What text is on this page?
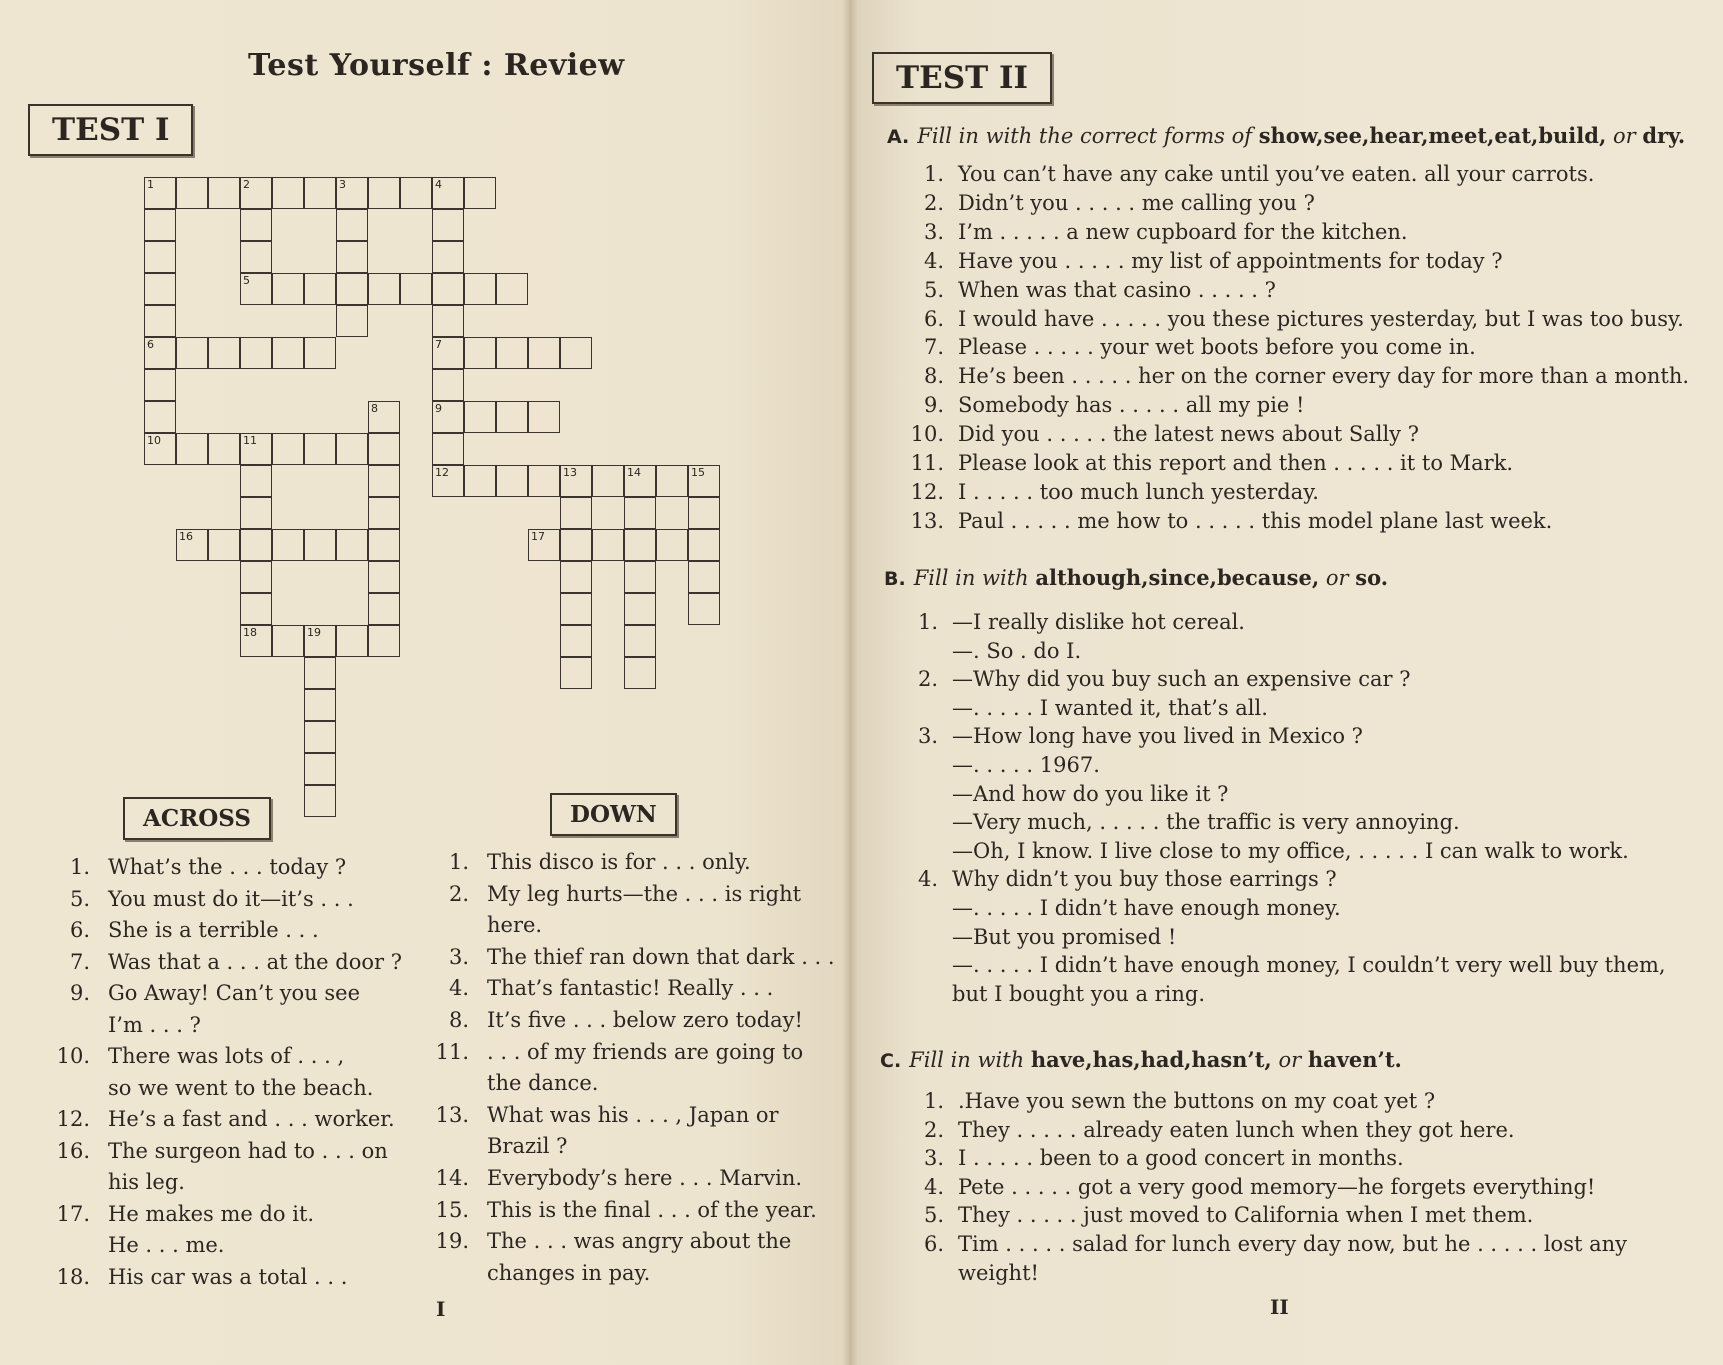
Test Yourself : Review
TEST I
1	2	3	4
6
10
5
7
9
12
8
11
18
13	14	15
16	17
19
ACROSS	DOWN
1. What’s the . . . today ?
5. You must do it—it’s . . .
6. She is a terrible . . .
7. Was that a . . . at the door ?
9. Go Away! Can’t you see
I’m . . . ?
10. There was lots of . . . ,
so we went to the beach.
12. He’s a fast and . . . worker.
16. The surgeon had to . . . on
his leg.
17. He makes me do it.
He . . . me.
18. His car was a total . . .
1. This disco is for . . . only.
2. My leg hurts—the . . . is right
here.
3. The thief ran down that dark . . .
4. That’s fantastic! Really . . .
8. It’s five . . . below zero today!
11. . . . of my friends are going to
the dance.
13. What was his . . . , Japan or
Brazil ?
14. Everybody’s here . . . Marvin.
15. This is the final . . . of the year.
19. The . . . was angry about the
changes in pay.
I
TEST II
A. Fill in with the correct forms of show,see,hear,meet,eat,build, or dry.
1. You can’t have any cake until you’ve eaten. all your carrots.
2. Didn’t you . . . . . me calling you ?
3. I’m . . . . . a new cupboard for the kitchen.
4. Have you . . . . . my list of appointments for today ?
5. When was that casino . . . . . ?
6. I would have . . . . . you these pictures yesterday, but I was too busy.
7. Please . . . . . your wet boots before you come in.
8. He’s been . . . . . her on the corner every day for more than a month.
9. Somebody has . . . . . all my pie !
10. Did you . . . . . the latest news about Sally ?
11. Please look at this report and then . . . . . it to Mark.
12. I . . . . . too much lunch yesterday.
13. Paul . . . . . me how to . . . . . this model plane last week.
B. Fill in with although,since,because, or so.
1. —I really dislike hot cereal.
—. So . do I.
2. —Why did you buy such an expensive car ?
—. . . . . I wanted it, that’s all.
3. —How long have you lived in Mexico ?
—. . . . . 1967.
—And how do you like it ?
—Very much, . . . . . the traffic is very annoying.
—Oh, I know. I live close to my office, . . . . . I can walk to work.
4. Why didn’t you buy those earrings ?
—. . . . . I didn’t have enough money.
—But you promised !
—. . . . . I didn’t have enough money, I couldn’t very well buy them,
but I bought you a ring.
C. Fill in with have,has,had,hasn’t, or haven’t.
1. .Have you sewn the buttons on my coat yet ?
2. They . . . . . already eaten lunch when they got here.
3. I . . . . . been to a good concert in months.
4. Pete . . . . . got a very good memory—he forgets everything!
5. They . . . . . just moved to California when I met them.
6. Tim . . . . . salad for lunch every day now, but he . . . . . lost any
weight!
II
